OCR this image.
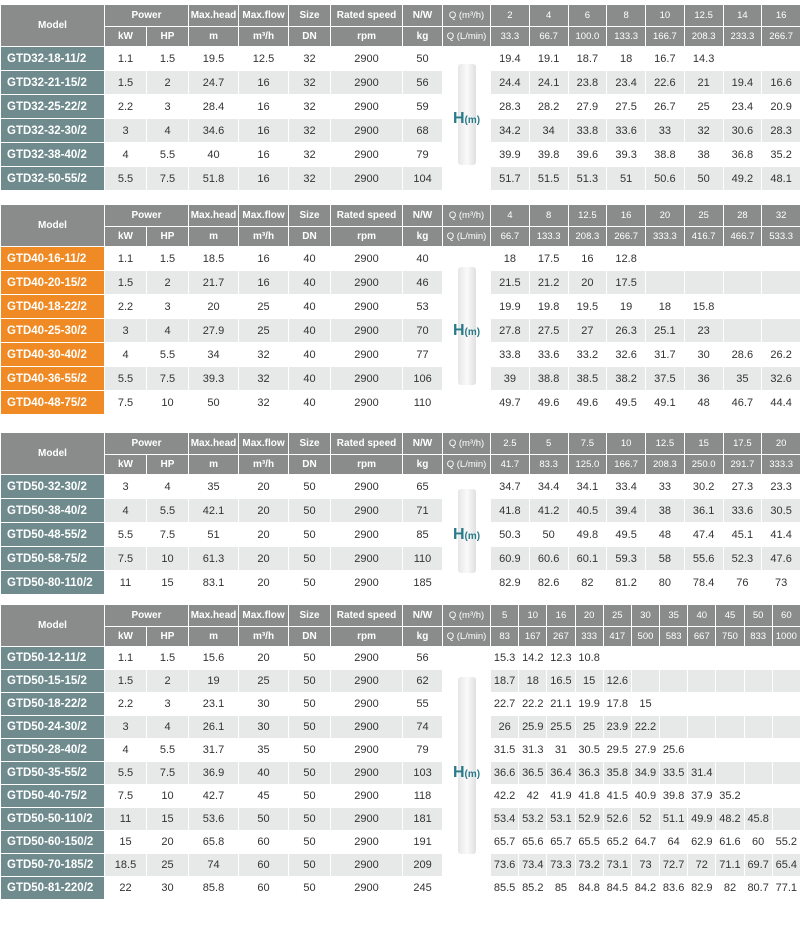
Model	Power		Max.head	Max.flow	Size	Rated speed	N/W	Q (m³/h)	2	4	6	8	10	12.5	14	16
	kW	HP	m	m³/h	DN	rpm	kg	Q (L/min)	33.3	66.7	100.0	133.3	166.7	208.3	233.3	266.7
GTD32-18-11/2	1.1	1.5	19.5	12.5	32	2900	50	H(m)	19.4	19.1	18.7	18	16.7	14.3		
GTD32-21-15/2	1.5	2	24.7	16	32	2900	56		24.4	24.1	23.8	23.4	22.6	21	19.4	16.6
GTD32-25-22/2	2.2	3	28.4	16	32	2900	59		28.3	28.2	27.9	27.5	26.7	25	23.4	20.9
GTD32-32-30/2	3	4	34.6	16	32	2900	68		34.2	34	33.8	33.6	33	32	30.6	28.3
GTD32-38-40/2	4	5.5	40	16	32	2900	79		39.9	39.8	39.6	39.3	38.8	38	36.8	35.2
GTD32-50-55/2	5.5	7.5	51.8	16	32	2900	104		51.7	51.5	51.3	51	50.6	50	49.2	48.1
Model	Power		Max.head	Max.flow	Size	Rated speed	N/W	Q (m³/h)	4	8	12.5	16	20	25	28	32
	kW	HP	m	m³/h	DN	rpm	kg	Q (L/min)	66.7	133.3	208.3	266.7	333.3	416.7	466.7	533.3
GTD40-16-11/2	1.1	1.5	18.5	16	40	2900	40	H(m)	18	17.5	16	12.8				
GTD40-20-15/2	1.5	2	21.7	16	40	2900	46		21.5	21.2	20	17.5				
GTD40-18-22/2	2.2	3	20	25	40	2900	53		19.9	19.8	19.5	19	18	15.8		
GTD40-25-30/2	3	4	27.9	25	40	2900	70		27.8	27.5	27	26.3	25.1	23		
GTD40-30-40/2	4	5.5	34	32	40	2900	77		33.8	33.6	33.2	32.6	31.7	30	28.6	26.2
GTD40-36-55/2	5.5	7.5	39.3	32	40	2900	106		39	38.8	38.5	38.2	37.5	36	35	32.6
GTD40-48-75/2	7.5	10	50	32	40	2900	110		49.7	49.6	49.6	49.5	49.1	48	46.7	44.4
Model	Power		Max.head	Max.flow	Size	Rated speed	N/W	Q (m³/h)	2.5	5	7.5	10	12.5	15	17.5	20
	kW	HP	m	m³/h	DN	rpm	kg	Q (L/min)	41.7	83.3	125.0	166.7	208.3	250.0	291.7	333.3
GTD50-32-30/2	3	4	35	20	50	2900	65	H(m)	34.7	34.4	34.1	33.4	33	30.2	27.3	23.3
GTD50-38-40/2	4	5.5	42.1	20	50	2900	71		41.8	41.2	40.5	39.4	38	36.1	33.6	30.5
GTD50-48-55/2	5.5	7.5	51	20	50	2900	85		50.3	50	49.8	49.5	48	47.4	45.1	41.4
GTD50-58-75/2	7.5	10	61.3	20	50	2900	110		60.9	60.6	60.1	59.3	58	55.6	52.3	47.6
GTD50-80-110/2	11	15	83.1	20	50	2900	185		82.9	82.6	82	81.2	80	78.4	76	73
Model	Power		Max.head	Max.flow	Size	Rated speed	N/W	Q (m³/h)	5	10	16	20	25	30	35	40	45	50	60
	kW	HP	m	m³/h	DN	rpm	kg	Q (L/min)	83	167	267	333	417	500	583	667	750	833	1000
GTD50-12-11/2	1.1	1.5	15.6	20	50	2900	56	H(m)	15.3	14.2	12.3	10.8							
GTD50-15-15/2	1.5	2	19	25	50	2900	62		18.7	18	16.5	15	12.6						
GTD50-18-22/2	2.2	3	23.1	30	50	2900	55		22.7	22.2	21.1	19.9	17.8	15					
GTD50-24-30/2	3	4	26.1	30	50	2900	74		26	25.9	25.5	25	23.9	22.2					
GTD50-28-40/2	4	5.5	31.7	35	50	2900	79		31.5	31.3	31	30.5	29.5	27.9	25.6				
GTD50-35-55/2	5.5	7.5	36.9	40	50	2900	103		36.6	36.5	36.4	36.3	35.8	34.9	33.5	31.4			
GTD50-40-75/2	7.5	10	42.7	45	50	2900	118		42.2	42	41.9	41.8	41.5	40.9	39.8	37.9	35.2		
GTD50-50-110/2	11	15	53.6	50	50	2900	181		53.4	53.2	53.1	52.9	52.6	52	51.1	49.9	48.2	45.8	
GTD50-60-150/2	15	20	65.8	60	50	2900	191		65.7	65.6	65.7	65.5	65.2	64.7	64	62.9	61.6	60	55.2
GTD50-70-185/2	18.5	25	74	60	50	2900	209		73.6	73.4	73.3	73.2	73.1	73	72.7	72	71.1	69.7	65.4
GTD50-81-220/2	22	30	85.8	60	50	2900	245		85.5	85.2	85	84.8	84.5	84.2	83.6	82.9	82	80.7	77.1
